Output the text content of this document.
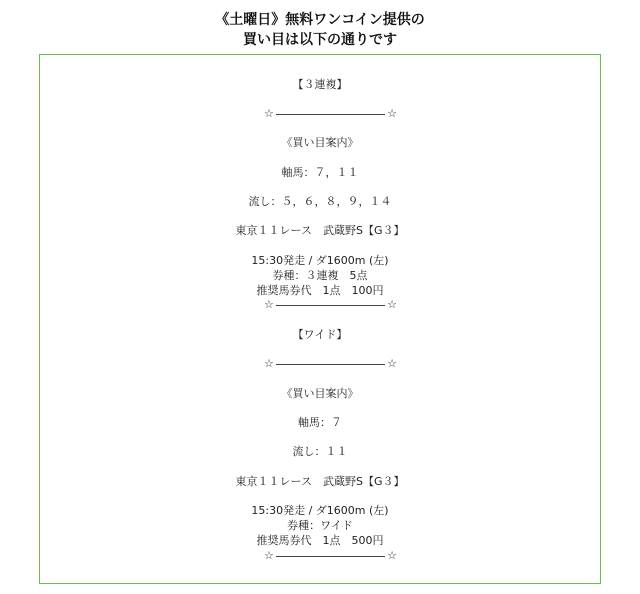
《土曜日》無料ワンコイン提供の
買い目は以下の通りです
【３連複】
☆	☆
《買い目案内》
軸馬：７，１１
流し：５，６，８，９，１４
東京１１レース　武蔵野S【G３】
15:30発走 / ダ1600m (左)
券種：３連複　5点
推奨馬券代　1点　100円
☆	☆
【ワイド】
☆	☆
《買い目案内》
軸馬：７
流し：１１
東京１１レース　武蔵野S【G３】
15:30発走 / ダ1600m (左)
券種：ワイド
推奨馬券代　1点　500円
☆	☆
